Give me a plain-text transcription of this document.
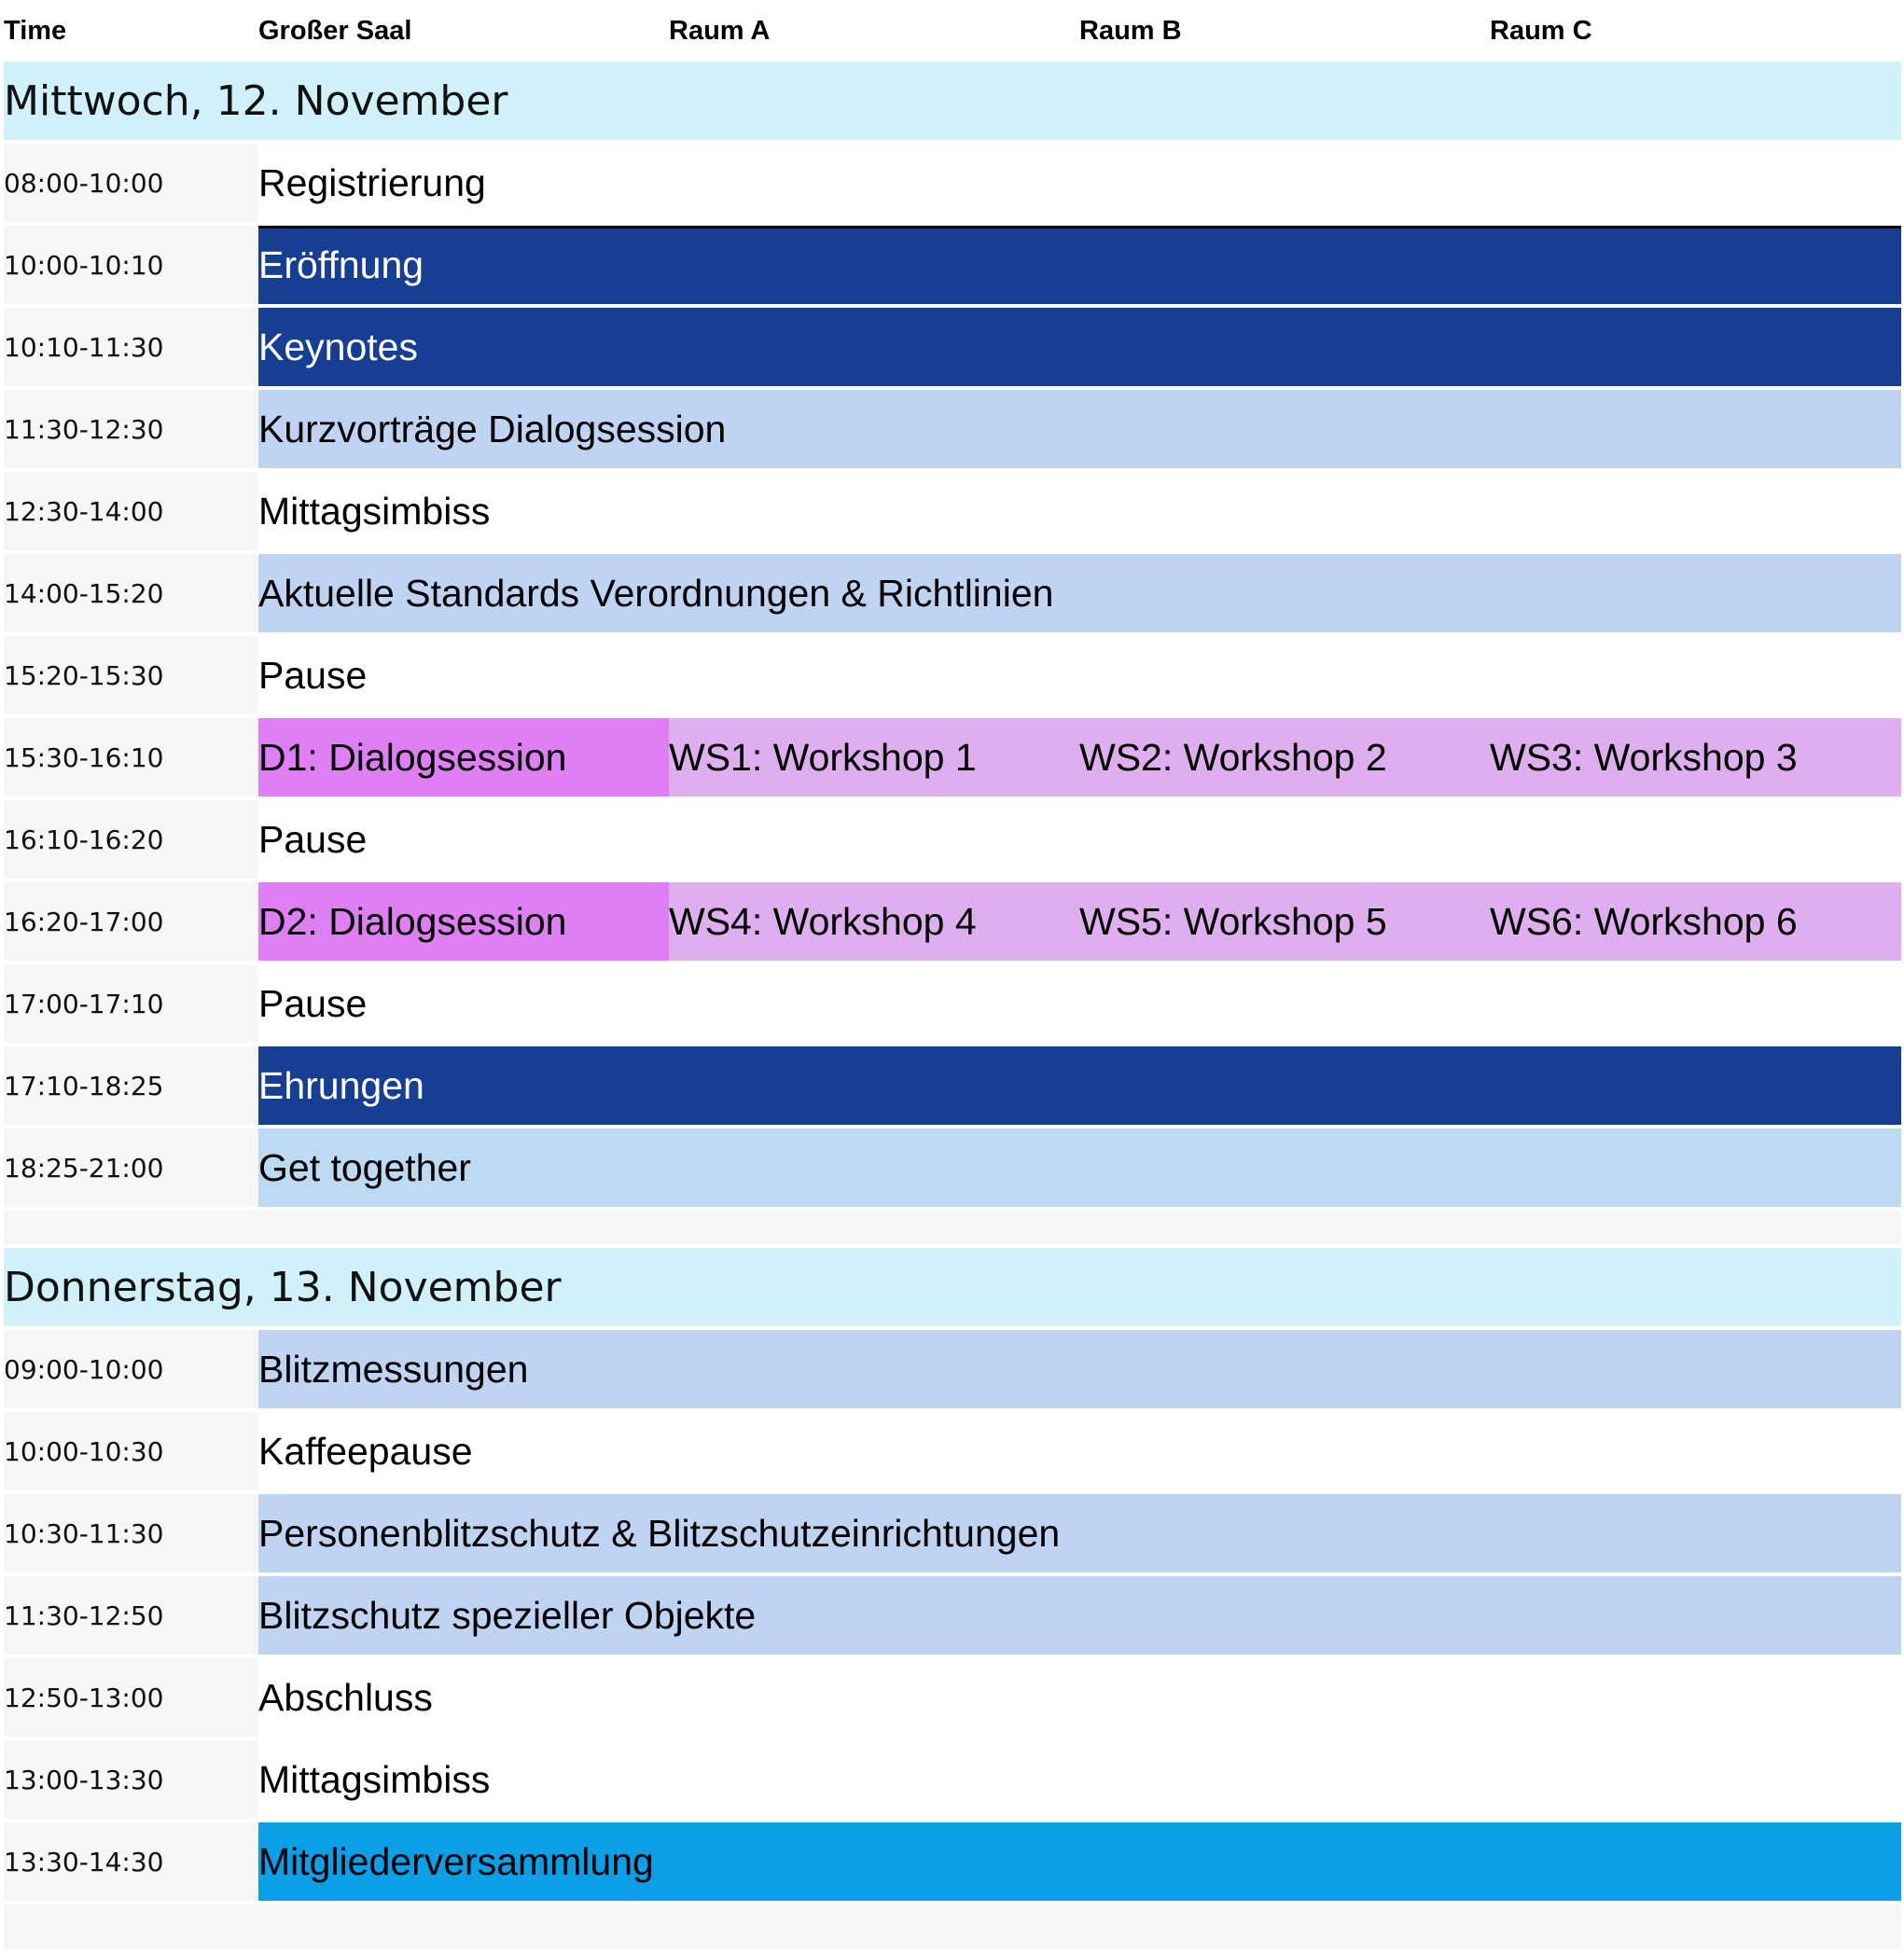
Time	Großer Saal	Raum A	Raum B	Raum C
Mittwoch, 12. November				
08:00-10:00	Registrierung			
10:00-10:10	Eröffnung			
10:10-11:30	Keynotes			
11:30-12:30	Kurzvorträge Dialogsession			
12:30-14:00	Mittagsimbiss			
14:00-15:20	Aktuelle Standards Verordnungen & Richtlinien			
15:20-15:30	Pause			
15:30-16:10	D1: Dialogsession	WS1: Workshop 1	WS2: Workshop 2	WS3: Workshop 3
16:10-16:20	Pause			
16:20-17:00	D2: Dialogsession	WS4: Workshop 4	WS5: Workshop 5	WS6: Workshop 6
17:00-17:10	Pause			
17:10-18:25	Ehrungen			
18:25-21:00	Get together			

Donnerstag, 13. November				
09:00-10:00	Blitzmessungen			
10:00-10:30	Kaffeepause			
10:30-11:30	Personenblitzschutz & Blitzschutzeinrichtungen			
11:30-12:50	Blitzschutz spezieller Objekte			
12:50-13:00	Abschluss			
13:00-13:30	Mittagsimbiss			
13:30-14:30	Mitgliederversammlung			
